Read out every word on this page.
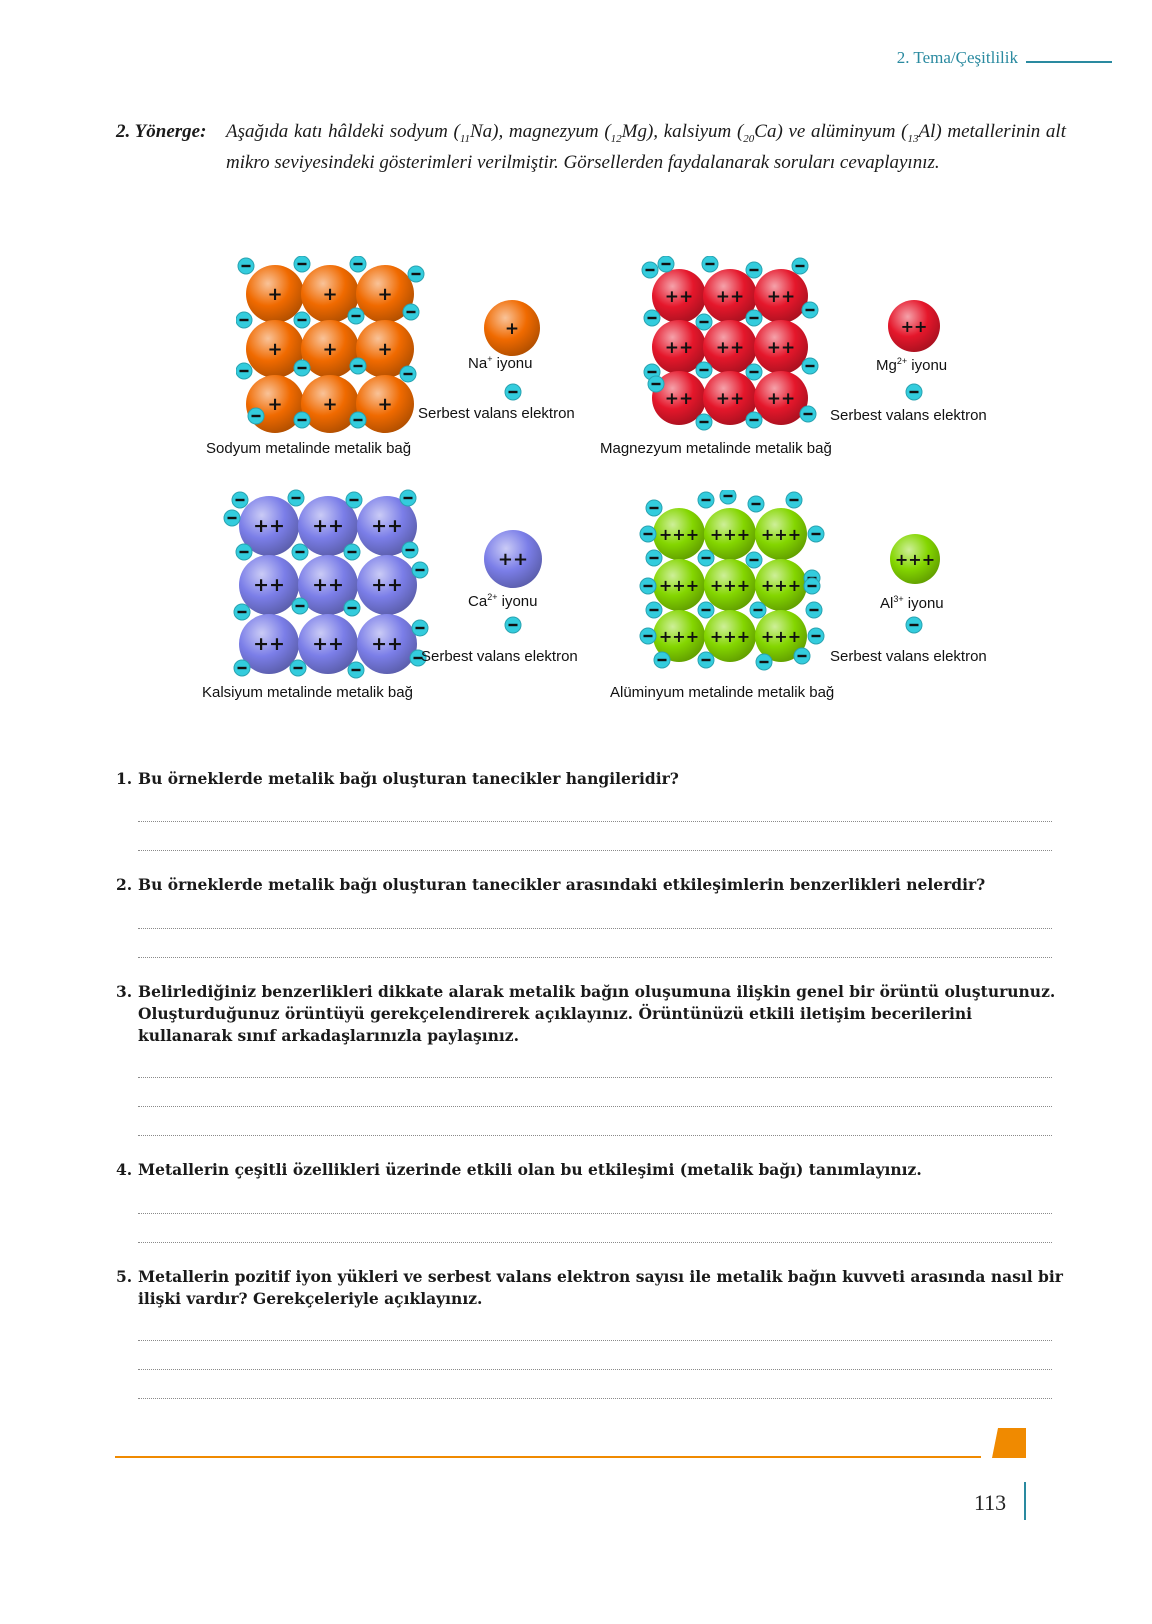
2. Tema/Çeşitlilik
2. Yönerge: Aşağıda katı hâldeki sodyum $(_{11}Na)$, magnezyum $(_{12}Mg)$, kalsiyum $(_{20}Ca)$ ve alüminyum $(_{13}Al)$ metallerinin alt mikro seviyesindeki gösterimleri verilmiştir. Görsellerden faydalanarak soruları cevaplayınız.
+ + +
+ + +
+ + +
Sodyum metalinde metalik bağ
+
Na+ iyonu
Serbest valans elektron
++ ++ ++
++ ++ ++
++ ++ ++
Magnezyum metalinde metalik bağ
++
$Mg^{2+}$ iyonu
Serbest valans elektron
++ ++ ++
++ ++ ++
++ ++ ++
Kalsiyum metalinde metalik bağ
++
$Ca^{2+}$ iyonu
Serbest valans elektron
+++ +++ +++
+++ +++ +++
+++ +++ +++
Alüminyum metalinde metalik bağ
+++
$Al^{3+}$ iyonu
Serbest valans elektron
1. Bu örneklerde metalik bağı oluşturan tanecikler hangileridir?
2. Bu örneklerde metalik bağı oluşturan tanecikler arasındaki etkileşimlerin benzerlikleri nelerdir?
3. Belirlediğiniz benzerlikleri dikkate alarak metalik bağın oluşumuna ilişkin genel bir örüntü oluşturunuz. Oluşturduğunuz örüntüyü gerekçelendirerek açıklayınız. Örüntünüzü etkili iletişim becerilerini kullanarak sınıf arkadaşlarınızla paylaşınız.
4. Metallerin çeşitli özellikleri üzerinde etkili olan bu etkileşimi (metalik bağı) tanımlayınız.
5. Metallerin pozitif iyon yükleri ve serbest valans elektron sayısı ile metalik bağın kuvveti arasında nasıl bir ilişki vardır? Gerekçeleriyle açıklayınız.
113
